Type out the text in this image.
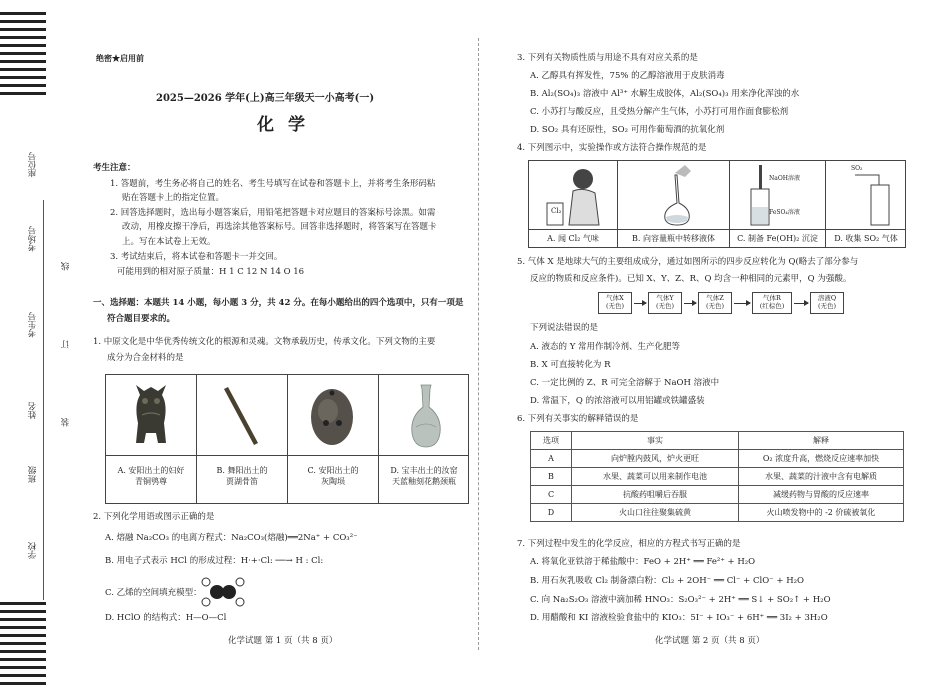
座位号
考场号
考生号
姓名
班级
学校
线
订
装
绝密★启用前
2025—2026 学年(上)高三年级天一小高考(一)
化学
考生注意：
1. 答题前，考生务必将自己的姓名、考生号填写在试卷和答题卡上，并将考生条形码粘
贴在答题卡上的指定位置。
2. 回答选择题时，选出每小题答案后，用铅笔把答题卡对应题目的答案标号涂黑。如需
改动，用橡皮擦干净后，再选涂其他答案标号。回答非选择题时，将答案写在答题卡
上。写在本试卷上无效。
3. 考试结束后，将本试卷和答题卡一并交回。
可能用到的相对原子质量：H 1 C 12 N 14 O 16
一、选择题：本题共 14 小题，每小题 3 分，共 42 分。在每小题给出的四个选项中，只有一项是
符合题目要求的。
1. 中原文化是中华优秀传统文化的根源和灵魂。文物承载历史，传承文化。下列文物的主要
成分为合金材料的是
A. 安阳出土的妇好
青铜鸮尊
B. 舞阳出土的
贾湖骨笛
C. 安阳出土的
灰陶埙
D. 宝丰出土的汝窑
天蓝釉刻花鹅颈瓶
2. 下列化学用语或图示正确的是
A. 熔融 Na₂CO₃ 的电离方程式：Na₂CO₃(熔融)══2Na⁺ + CO₃²⁻
B. 用电子式表示 HCl 的形成过程：H·+·Cl: ──→ H : Cl:
C. 乙烯的空间填充模型：
D. HClO 的结构式：H—O—Cl
化学试题 第 1 页（共 8 页）
3. 下列有关物质性质与用途不具有对应关系的是
A. 乙醇具有挥发性，75% 的乙醇溶液用于皮肤消毒
B. Al₂(SO₄)₃ 溶液中 Al³⁺ 水解生成胶体，Al₂(SO₄)₃ 用来净化浑浊的水
C. 小苏打与酸反应，且受热分解产生气体，小苏打可用作面食膨松剂
D. SO₂ 具有还原性，SO₂ 可用作葡萄酒的抗氧化剂
4. 下列图示中，实验操作或方法符合操作规范的是
Cl₂
NaOH溶液
FeSO₄溶液
SO₂
A. 闻 Cl₂ 气味	B. 向容量瓶中转移液体	C. 制备 Fe(OH)₂ 沉淀	D. 收集 SO₂ 气体
5. 气体 X 是地球大气的主要组成成分，通过如图所示的四步反应转化为 Q(略去了部分参与
反应的物质和反应条件)。已知 X、Y、Z、R、Q 均含一种相同的元素甲，Q 为强酸。
气体X
(无色)
气体Y
(无色)
气体Z
(无色)
气体R
(红棕色)
溶液Q
(无色)
下列说法错误的是
A. 液态的 Y 常用作制冷剂、生产化肥等
B. X 可直接转化为 R
C. 一定比例的 Z、R 可完全溶解于 NaOH 溶液中
D. 常温下，Q 的浓溶液可以用铝罐或铁罐盛装
6. 下列有关事实的解释错误的是
选项	事实	解释
A	向炉膛内鼓风，炉火更旺	O₂ 浓度升高，燃烧反应速率加快
B	水果、蔬菜可以用来制作电池	水果、蔬菜的汁液中含有电解质
C	抗酸药咀嚼后吞服	减缓药物与胃酸的反应速率
D	火山口往往聚集硫黄	火山喷发物中的 -2 价硫被氧化
7. 下列过程中发生的化学反应，相应的方程式书写正确的是
A. 将氧化亚铁溶于稀盐酸中：FeO + 2H⁺ ══ Fe²⁺ + H₂O
B. 用石灰乳吸收 Cl₂ 制备漂白粉：Cl₂ + 2OH⁻ ══ Cl⁻ + ClO⁻ + H₂O
C. 向 Na₂S₂O₃ 溶液中滴加稀 HNO₃：S₂O₃²⁻ + 2H⁺ ══ S↓ + SO₂↑ + H₂O
D. 用醋酸和 KI 溶液检验食盐中的 KIO₃：5I⁻ + IO₃⁻ + 6H⁺ ══ 3I₂ + 3H₂O
化学试题 第 2 页（共 8 页）
